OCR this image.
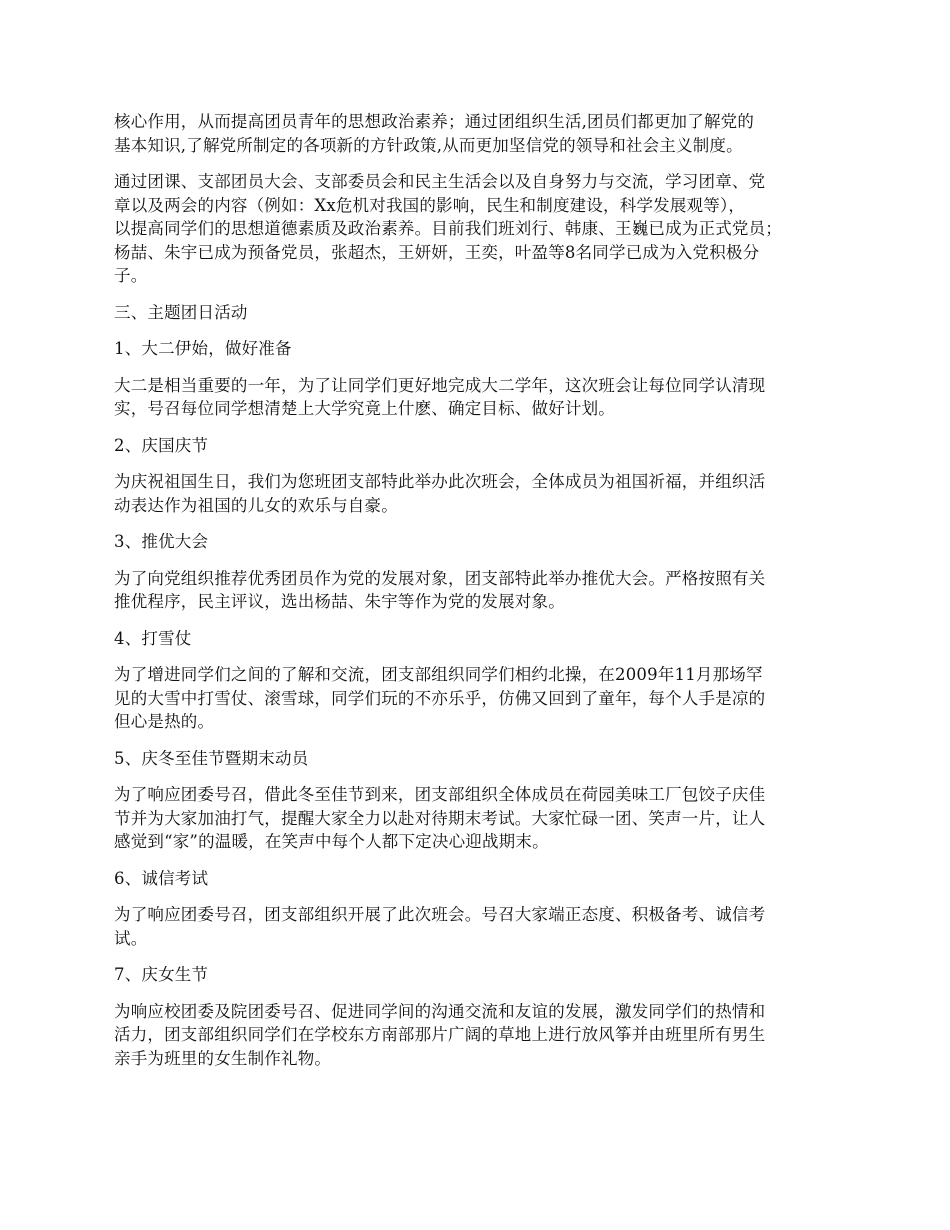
核心作用，从而提高团员青年的思想政治素养；通过团组织生活,团员们都更加了解党的
基本知识,了解党所制定的各项新的方针政策,从而更加坚信党的领导和社会主义制度。

通过团课、支部团员大会、支部委员会和民主生活会以及自身努力与交流，学习团章、党
章以及两会的内容（例如：Xx危机对我国的影响，民生和制度建设，科学发展观等），
以提高同学们的思想道德素质及政治素养。目前我们班刘行、韩康、王巍已成为正式党员；
杨喆、朱宇已成为预备党员，张超杰，王妍妍，王奕，叶盈等8名同学已成为入党积极分
子。

三、主题团日活动

1、大二伊始，做好准备

大二是相当重要的一年，为了让同学们更好地完成大二学年，这次班会让每位同学认清现
实，号召每位同学想清楚上大学究竟上什麽、确定目标、做好计划。

2、庆国庆节

为庆祝祖国生日，我们为您班团支部特此举办此次班会，全体成员为祖国祈福，并组织活
动表达作为祖国的儿女的欢乐与自豪。

3、推优大会

为了向党组织推荐优秀团员作为党的发展对象，团支部特此举办推优大会。严格按照有关
推优程序，民主评议，选出杨喆、朱宇等作为党的发展对象。

4、打雪仗

为了增进同学们之间的了解和交流，团支部组织同学们相约北操，在2009年11月那场罕
见的大雪中打雪仗、滚雪球，同学们玩的不亦乐乎，仿佛又回到了童年，每个人手是凉的
但心是热的。

5、庆冬至佳节暨期末动员

为了响应团委号召，借此冬至佳节到来，团支部组织全体成员在荷园美味工厂包饺子庆佳
节并为大家加油打气，提醒大家全力以赴对待期末考试。大家忙碌一团、笑声一片，让人
感觉到“家”的温暖，在笑声中每个人都下定决心迎战期末。

6、诚信考试

为了响应团委号召，团支部组织开展了此次班会。号召大家端正态度、积极备考、诚信考
试。

7、庆女生节

为响应校团委及院团委号召、促进同学间的沟通交流和友谊的发展，激发同学们的热情和
活力，团支部组织同学们在学校东方南部那片广阔的草地上进行放风筝并由班里所有男生
亲手为班里的女生制作礼物。
